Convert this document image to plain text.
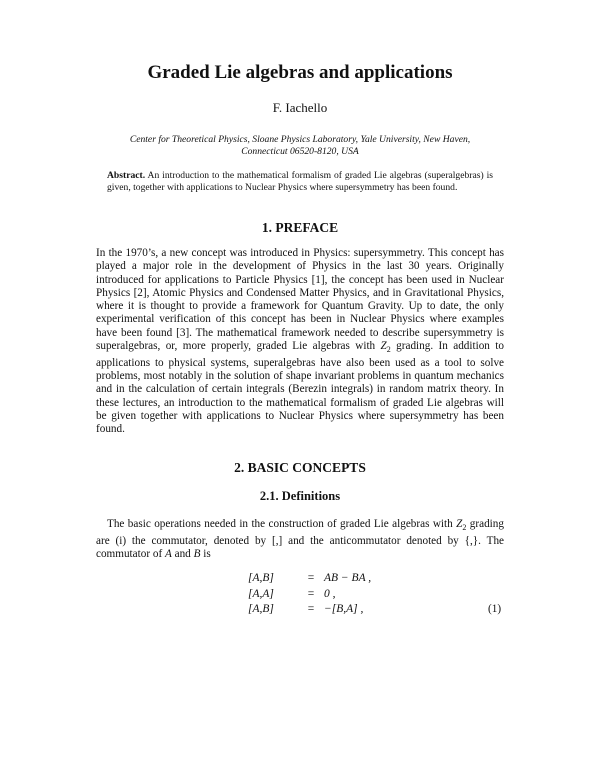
Graded Lie algebras and applications
F. Iachello
Center for Theoretical Physics, Sloane Physics Laboratory, Yale University, New Haven,
Connecticut 06520-8120, USA
Abstract. An introduction to the mathematical formalism of graded Lie algebras (superalgebras) is given, together with applications to Nuclear Physics where supersymmetry has been found.
1. PREFACE
In the 1970’s, a new concept was introduced in Physics: supersymmetry. This concept has played a major role in the development of Physics in the last 30 years. Originally introduced for applications to Particle Physics [1], the concept has been used in Nuclear Physics [2], Atomic Physics and Condensed Matter Physics, and in Gravitational Physics, where it is thought to provide a framework for Quantum Gravity. Up to date, the only experimental verification of this concept has been in Nuclear Physics where examples have been found [3]. The mathematical framework needed to describe supersymmetry is superalgebras, or, more properly, graded Lie algebras with $Z_2$ grading. In addition to applications to physical systems, superalgebras have also been used as a tool to solve problems, most notably in the solution of shape invariant problems in quantum mechanics and in the calculation of certain integrals (Berezin integrals) in random matrix theory. In these lectures, an introduction to the mathematical formalism of graded Lie algebras will be given together with applications to Nuclear Physics where supersymmetry has been found.
2. BASIC CONCEPTS
2.1. Definitions
The basic operations needed in the construction of graded Lie algebras with $Z_2$ grading are (i) the commutator, denoted by [,] and the anticommutator denoted by {,}. The commutator of A and B is
[A,B]	= AB − BA ,
[A,A]	= 0 ,
[A,B]	= −[B,A] ,	(1)
